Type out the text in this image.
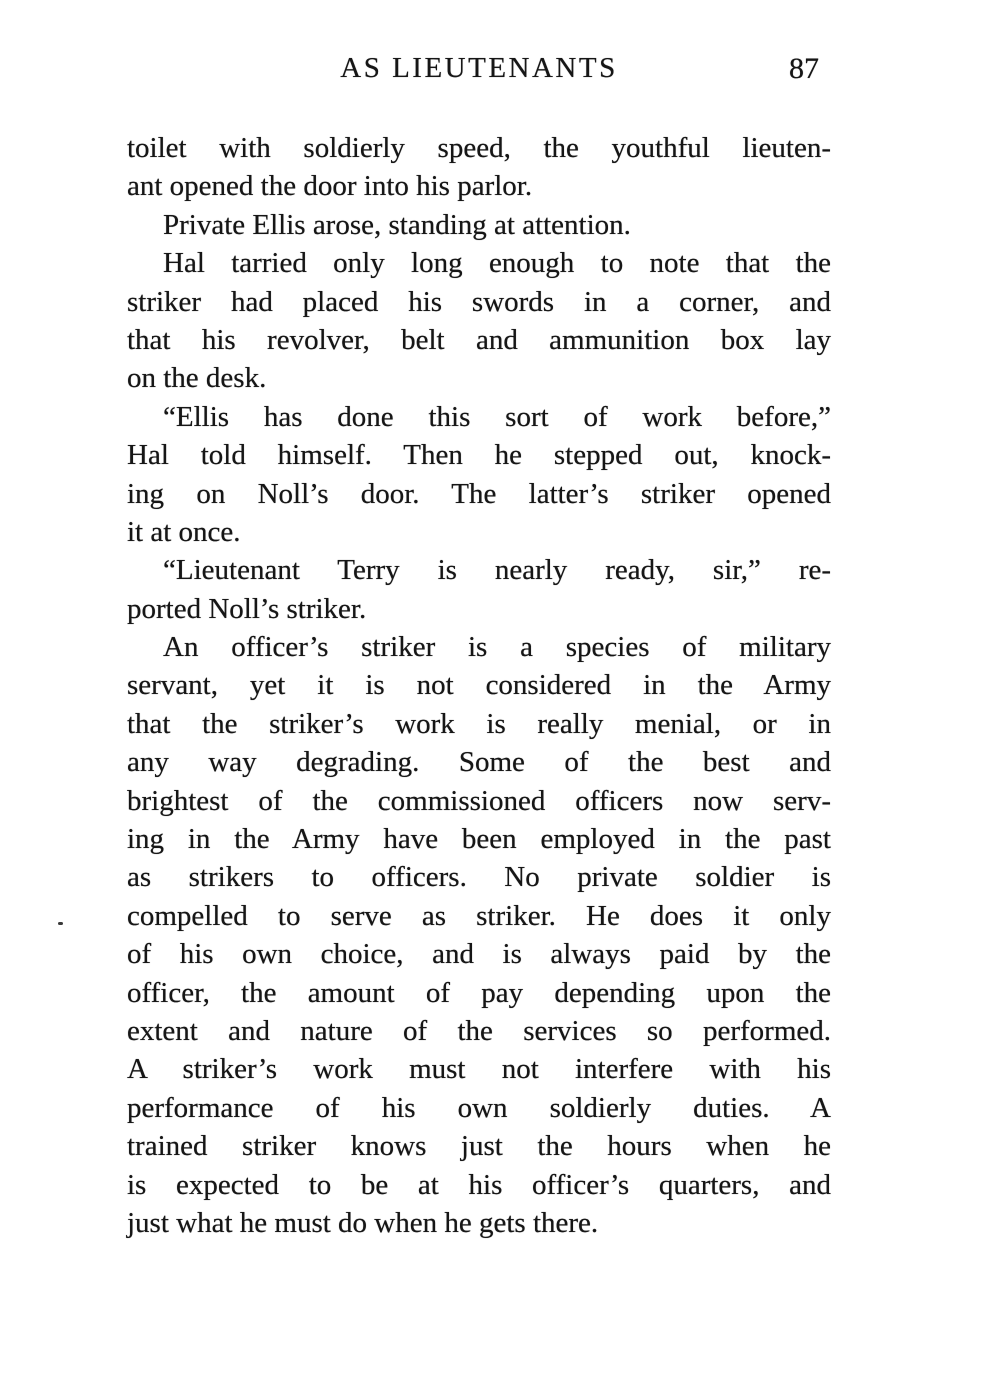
AS LIEUTENANTS	87
toilet with soldierly speed, the youthful lieuten-
ant opened the door into his parlor.
Private Ellis arose, standing at attention.
Hal tarried only long enough to note that the
striker had placed his swords in a corner, and
that his revolver, belt and ammunition box lay
on the desk.
“Ellis has done this sort of work before,”
Hal told himself. Then he stepped out, knock-
ing on Noll’s door. The latter’s striker opened
it at once.
“Lieutenant Terry is nearly ready, sir,” re-
ported Noll’s striker.
An officer’s striker is a species of military
servant, yet it is not considered in the Army
that the striker’s work is really menial, or in
any way degrading. Some of the best and
brightest of the commissioned officers now serv-
ing in the Army have been employed in the past
as strikers to officers. No private soldier is
compelled to serve as striker. He does it only
of his own choice, and is always paid by the
officer, the amount of pay depending upon the
extent and nature of the services so performed.
A striker’s work must not interfere with his
performance of his own soldierly duties. A
trained striker knows just the hours when he
is expected to be at his officer’s quarters, and
just what he must do when he gets there.
